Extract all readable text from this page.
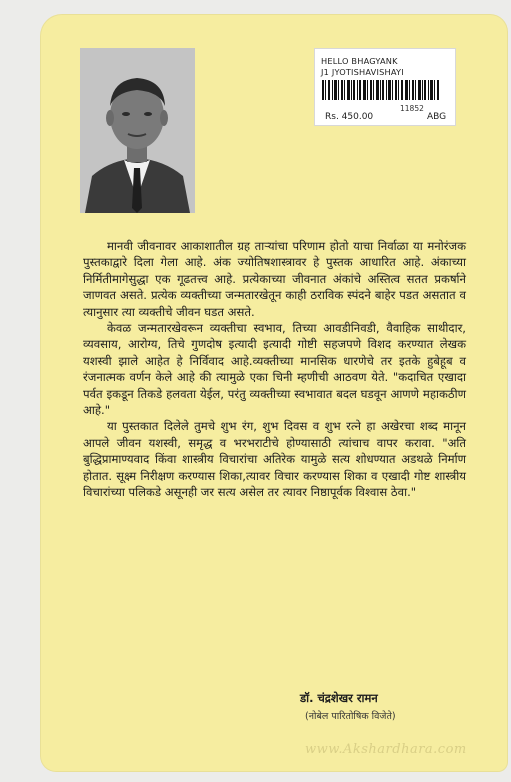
HELLO BHAGYANK
J1 JYOTISHAVISHAYI
11852
Rs. 450.00	ABG

मानवी जीवनावर आकाशातील ग्रह ताऱ्यांचा परिणाम होतो याचा निर्वाळा या मनोरंजक पुस्तकाद्वारे दिला गेला आहे. अंक ज्योतिषशास्त्रावर हे पुस्तक आधारित आहे. अंकाच्या निर्मितीमागेसुद्धा एक गूढतत्त्व आहे. प्रत्येकाच्या जीवनात अंकांचे अस्तित्व सतत प्रकर्षाने जाणवत असते. प्रत्येक व्यक्तीच्या जन्मतारखेतून काही ठराविक स्पंदने बाहेर पडत असतात व त्यानुसार त्या व्यक्तीचे जीवन घडत असते.

केवळ जन्मतारखेवरून व्यक्तीचा स्वभाव, तिच्या आवडीनिवडी, वैवाहिक साथीदार, व्यवसाय, आरोग्य, तिचे गुणदोष इत्यादी इत्यादी गोष्टी सहजपणे विशद करण्यात लेखक यशस्वी झाले आहेत हे निर्विवाद आहे.व्यक्तीच्या मानसिक धारणेचे तर इतके हुबेहूब व रंजनात्मक वर्णन केले आहे की त्यामुळे एका चिनी म्हणीची आठवण येते. "कदाचित एखादा पर्वत इकडून तिकडे हलवता येईल, परंतु व्यक्तीच्या स्वभावात बदल घडवून आणणे महाकठीण आहे."

या पुस्तकात दिलेले तुमचे शुभ रंग, शुभ दिवस व शुभ रत्ने हा अखेरचा शब्द मानून आपले जीवन यशस्वी, समृद्ध व भरभराटीचे होण्यासाठी त्यांचाच वापर करावा. "अति बुद्धिप्रामाण्यवाद किंवा शास्त्रीय विचारांचा अतिरेक यामुळे सत्य शोधण्यात अडथळे निर्माण होतात. सूक्ष्म निरीक्षण करण्यास शिका,त्यावर विचार करण्यास शिका व एखादी गोष्ट शास्त्रीय विचारांच्या पलिकडे असूनही जर सत्य असेल तर त्यावर निष्ठापूर्वक विश्वास ठेवा."

डॉ. चंद्रशेखर रामन
(नोबेल पारितोषिक विजेते)
www.Akshardhara.com
